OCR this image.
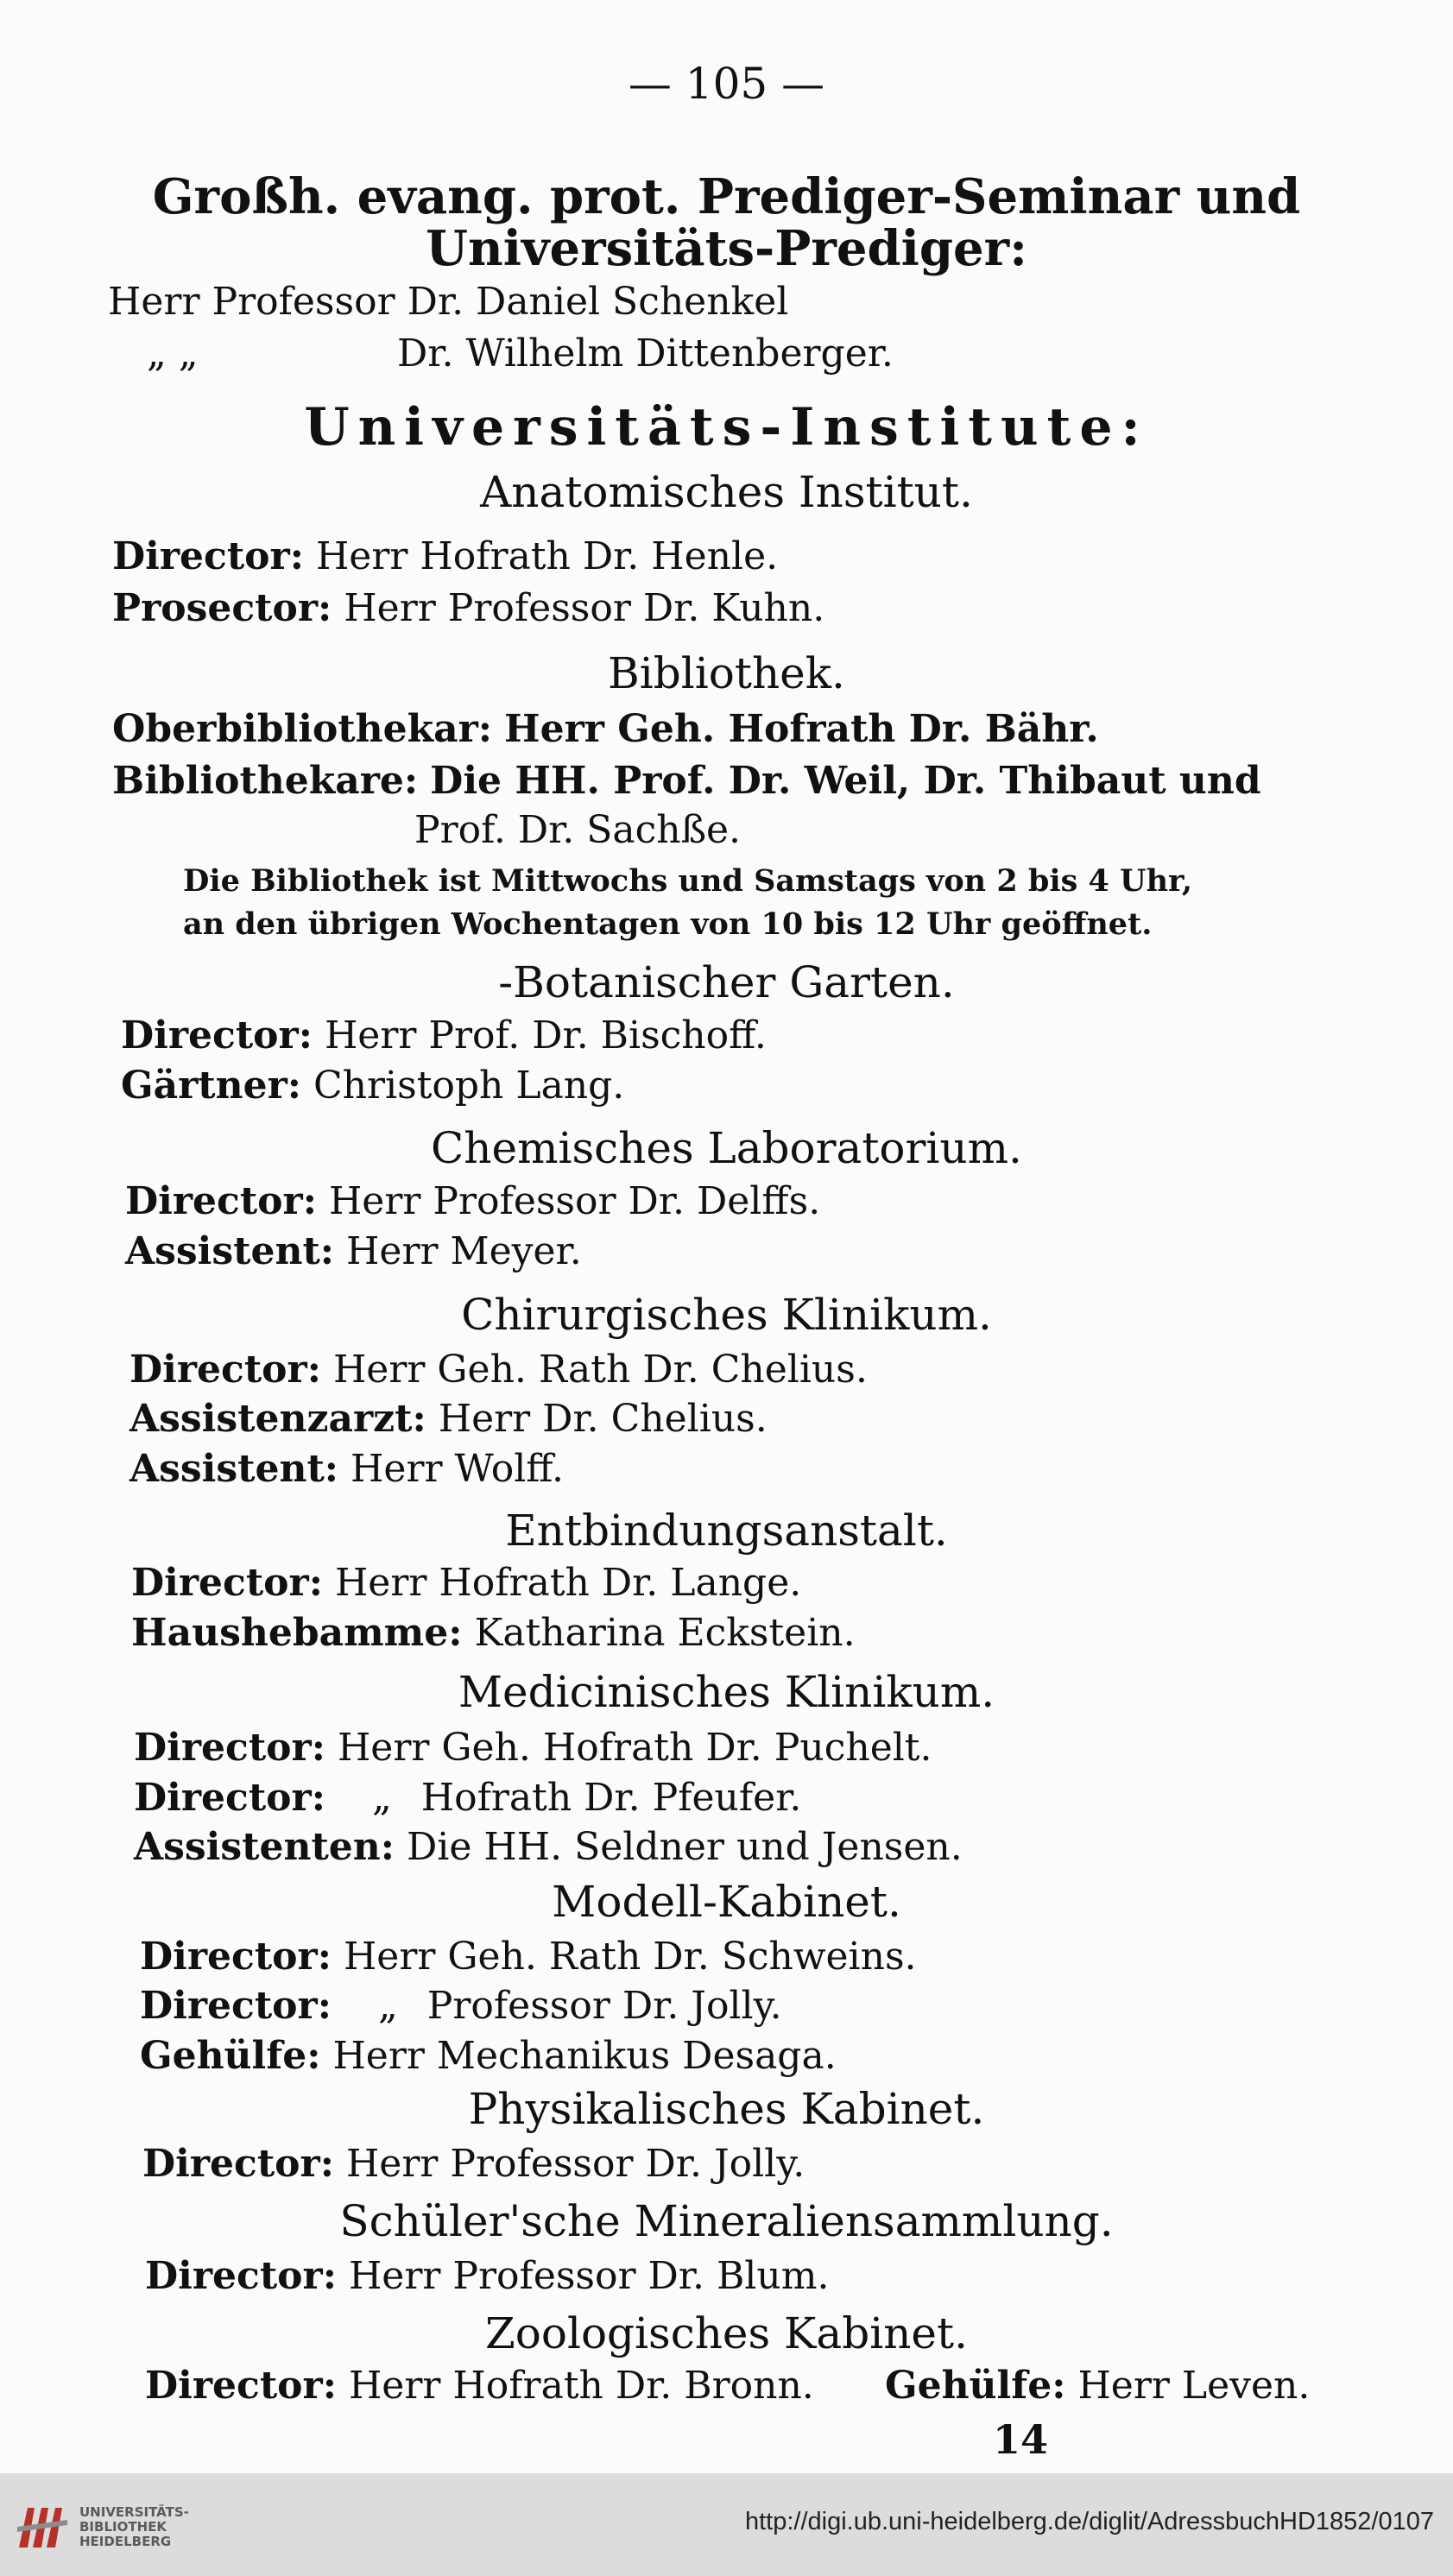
— 105 —
Großh. evang. prot. Prediger-Seminar und
Universitäts-Prediger:
Herr Professor Dr. Daniel Schenkel
„ „	Dr. Wilhelm Dittenberger.
Universitäts-Institute:
Anatomisches Institut.
Director: Herr Hofrath Dr. Henle.
Prosector: Herr Professor Dr. Kuhn.
Bibliothek.
Oberbibliothekar: Herr Geh. Hofrath Dr. Bähr.
Bibliothekare: Die HH. Prof. Dr. Weil, Dr. Thibaut und
Prof. Dr. Sachße.
Die Bibliothek ist Mittwochs und Samstags von 2 bis 4 Uhr,
an den übrigen Wochentagen von 10 bis 12 Uhr geöffnet.
-Botanischer Garten.
Director: Herr Prof. Dr. Bischoff.
Gärtner: Christoph Lang.
Chemisches Laboratorium.
Director: Herr Professor Dr. Delffs.
Assistent: Herr Meyer.
Chirurgisches Klinikum.
Director: Herr Geh. Rath Dr. Chelius.
Assistenzarzt: Herr Dr. Chelius.
Assistent: Herr Wolff.
Entbindungsanstalt.
Director: Herr Hofrath Dr. Lange.
Haushebamme: Katharina Eckstein.
Medicinisches Klinikum.
Director: Herr Geh. Hofrath Dr. Puchelt.
Director: „ Hofrath Dr. Pfeufer.
Assistenten: Die HH. Seldner und Jensen.
Modell-Kabinet.
Director: Herr Geh. Rath Dr. Schweins.
Director: „ Professor Dr. Jolly.
Gehülfe: Herr Mechanikus Desaga.
Physikalisches Kabinet.
Director: Herr Professor Dr. Jolly.
Schüler'sche Mineraliensammlung.
Director: Herr Professor Dr. Blum.
Zoologisches Kabinet.
Director: Herr Hofrath Dr. Bronn. Gehülfe: Herr Leven.
14
UNIVERSITÄTS-
BIBLIOTHEK
HEIDELBERG
http://digi.ub.uni-heidelberg.de/diglit/AdressbuchHD1852/0107
